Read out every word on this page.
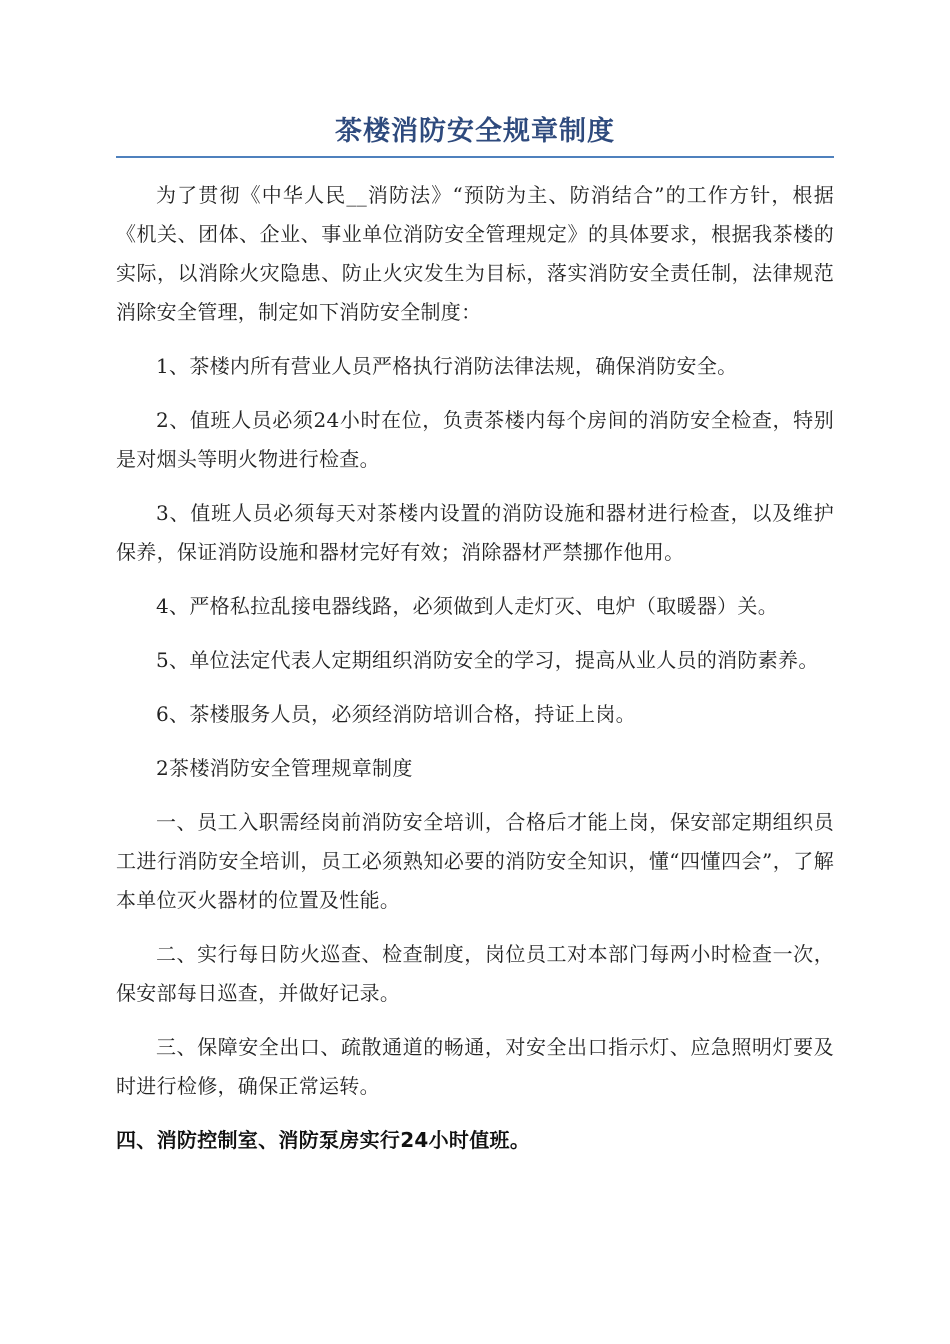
茶楼消防安全规章制度

为了贯彻《中华人民__消防法》“预防为主、防消结合”的工作方针，根据《机关、团体、企业、事业单位消防安全管理规定》的具体要求，根据我茶楼的实际，以消除火灾隐患、防止火灾发生为目标，落实消防安全责任制，法律规范消除安全管理，制定如下消防安全制度：

1、茶楼内所有营业人员严格执行消防法律法规，确保消防安全。

2、值班人员必须24小时在位，负责茶楼内每个房间的消防安全检查，特别是对烟头等明火物进行检查。

3、值班人员必须每天对茶楼内设置的消防设施和器材进行检查，以及维护保养，保证消防设施和器材完好有效；消除器材严禁挪作他用。

4、严格私拉乱接电器线路，必须做到人走灯灭、电炉（取暖器）关。

5、单位法定代表人定期组织消防安全的学习，提高从业人员的消防素养。

6、茶楼服务人员，必须经消防培训合格，持证上岗。

2茶楼消防安全管理规章制度

一、员工入职需经岗前消防安全培训，合格后才能上岗，保安部定期组织员工进行消防安全培训，员工必须熟知必要的消防安全知识，懂“四懂四会”，了解本单位灭火器材的位置及性能。

二、实行每日防火巡查、检查制度，岗位员工对本部门每两小时检查一次，保安部每日巡查，并做好记录。

三、保障安全出口、疏散通道的畅通，对安全出口指示灯、应急照明灯要及时进行检修，确保正常运转。

四、消防控制室、消防泵房实行24小时值班。
